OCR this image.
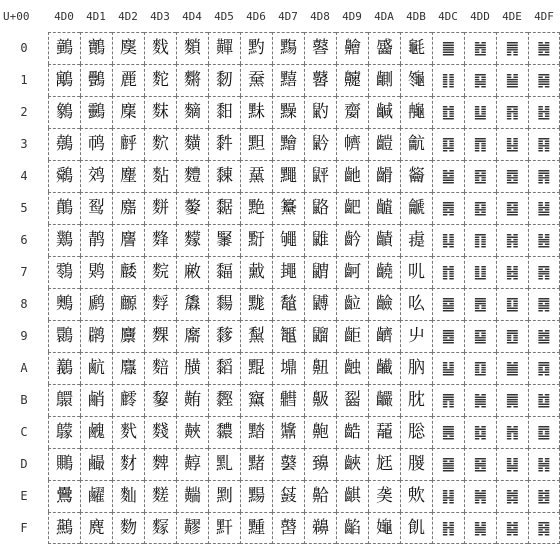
U+00	4D0	4D1	4D2	4D3	4D4	4D5	4D6	4D7	4D8	4D9	4DA	4DB	4DC	4DD	4DE	4DF
0	䴀 䴐 䴠 䴰 䵀 䵐 䵠 䵰 䶀 䶐 䶠 䶰	䷀	䷐	䷠	䷰
1	䴁 䴑 䴡 䴱 䵁 䵑 䵡 䵱 䶁 䶑 䶡 䶱	䷁	䷑	䷡	䷱
2	䴂 䴒 䴢 䴲 䵂 䵒 䵢 䵲 䶂 䶒 䶢 䶲	䷂	䷒	䷢	䷲
3	䴃 䴓 䴣 䴳 䵃 䵓 䵣 䵳 䶃 䶓 䶣 䶳	䷃	䷓	䷣	䷳
4	䴄 䴔 䴤 䴴 䵄 䵔 䵤 䵴 䶄 䶔 䶤 䶴	䷄	䷔	䷤	䷴
5	䴅 䴕 䴥 䴵 䵅 䵕 䵥 䵵 䶅 䶕 䶥 䶵	䷅	䷕	䷥	䷵
6	䴆 䴖 䴦 䴶 䵆 䵖 䵦 䵶 䶆 䶖 䶦 䶶	䷆	䷖	䷦	䷶
7	䴇 䴗 䴧 䴷 䵇 䵗 䵧 䵷 䶇 䶗 䶧 䶷	䷇	䷗	䷧	䷷
8	䴈 䴘 䴨 䴸 䵈 䵘 䵨 䵸 䶈 䶘 䶨 䶸	䷈	䷘	䷨	䷸
9	䴉 䴙 䴩 䴹 䵉 䵙 䵩 䵹 䶉 䶙 䶩 䶹	䷉	䷙	䷩	䷹
A	䴊 䴚 䴪 䴺 䵊 䵚 䵪 䵺 䶊 䶚 䶪 䶺	䷊	䷚	䷪	䷺
B	䴋 䴛 䴫 䴻 䵋 䵛 䵫 䵻 䶋 䶛 䶫 䶻	䷋	䷛	䷫	䷻
C	䴌 䴜 䴬 䴼 䵌 䵜 䵬 䵼 䶌 䶜 䶬 䶼	䷌	䷜	䷬	䷼
D	䴍 䴝 䴭 䴽 䵍 䵝 䵭 䵽 䶍 䶝 䶭 䶽	䷍	䷝	䷭	䷽
E	䴎 䴞 䴮 䴾 䵎 䵞 䵮 䵾 䶎 䶞 䶮 䶾	䷎	䷞	䷮	䷾
F	䴏 䴟 䴯 䴿 䵏 䵟 䵯 䵿 䶏 䶟 䶯 䶿	䷏	䷟	䷯	䷿
